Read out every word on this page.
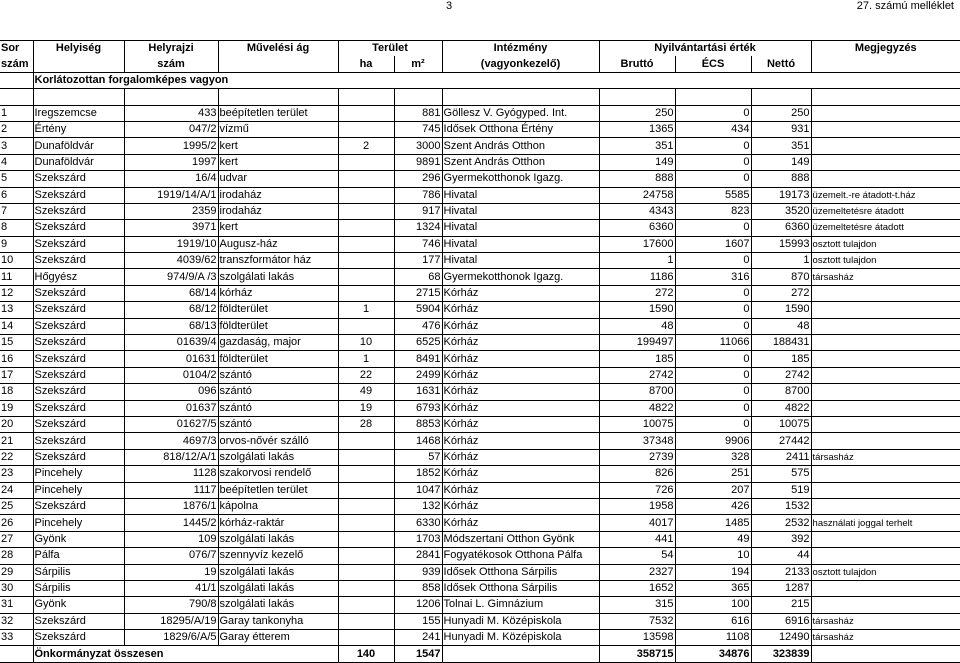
3	27. számú melléklet
Sor	Helyiség	Helyrajzi	Művelési ág	Terület		Intézmény	Nyilvántartási érték			Megjegyzés
szám		szám		ha	m²	(vagyonkezelő)	Bruttó	ÉCS	Nettó	
	Korlátozottan forgalomképes vagyon									

1	Iregszemcse	433	beépítetlen terület		881	Göllesz V. Gyógyped. Int.	250	0	250	
2	Értény	047/2	vízmű		745	Idősek Otthona Értény	1365	434	931	
3	Dunaföldvár	1995/2	kert	2	3000	Szent András Otthon	351	0	351	
4	Dunaföldvár	1997	kert		9891	Szent András Otthon	149	0	149	
5	Szekszárd	16/4	udvar		296	Gyermekotthonok Igazg.	888	0	888	
6	Szekszárd	1919/14/A/1	irodaház		786	Hivatal	24758	5585	19173	üzemelt.-re átadott-t.ház
7	Szekszárd	2359	irodaház		917	Hivatal	4343	823	3520	üzemeltetésre átadott
8	Szekszárd	3971	kert		1324	Hivatal	6360	0	6360	üzemeltetésre átadott
9	Szekszárd	1919/10	Augusz-ház		746	Hivatal	17600	1607	15993	osztott tulajdon
10	Szekszárd	4039/62	transzformátor ház		177	Hivatal	1	0	1	osztott tulajdon
11	Hőgyész	974/9/A /3	szolgálati lakás		68	Gyermekotthonok Igazg.	1186	316	870	társasház
12	Szekszárd	68/14	kórház		2715	Kórház	272	0	272	
13	Szekszárd	68/12	földterület	1	5904	Kórház	1590	0	1590	
14	Szekszárd	68/13	földterület		476	Kórház	48	0	48	
15	Szekszárd	01639/4	gazdaság, major	10	6525	Kórház	199497	11066	188431	
16	Szekszárd	01631	földterület	1	8491	Kórház	185	0	185	
17	Szekszárd	0104/2	szántó	22	2499	Kórház	2742	0	2742	
18	Szekszárd	096	szántó	49	1631	Kórház	8700	0	8700	
19	Szekszárd	01637	szántó	19	6793	Kórház	4822	0	4822	
20	Szekszárd	01627/5	szántó	28	8853	Kórház	10075	0	10075	
21	Szekszárd	4697/3	orvos-nővér szálló		1468	Kórház	37348	9906	27442	
22	Szekszárd	818/12/A/1	szolgálati lakás		57	Kórház	2739	328	2411	társasház
23	Pincehely	1128	szakorvosi rendelő		1852	Kórház	826	251	575	
24	Pincehely	1117	beépítetlen terület		1047	Kórház	726	207	519	
25	Szekszárd	1876/1	kápolna		132	Kórház	1958	426	1532	
26	Pincehely	1445/2	kórház-raktár		6330	Kórház	4017	1485	2532	használati joggal terhelt
27	Gyönk	109	szolgálati lakás		1703	Módszertani Otthon Gyönk	441	49	392	
28	Pálfa	076/7	szennyvíz kezelő		2841	Fogyatékosok Otthona Pálfa	54	10	44	
29	Sárpilis	19	szolgálati lakás		939	Idősek Otthona Sárpilis	2327	194	2133	osztott tulajdon
30	Sárpilis	41/1	szolgálati lakás		858	Idősek Otthona Sárpilis	1652	365	1287	
31	Gyönk	790/8	szolgálati lakás		1206	Tolnai L. Gimnázium	315	100	215	
32	Szekszárd	18295/A/19	Garay tankonyha		155	Hunyadi M. Középiskola	7532	616	6916	társasház
33	Szekszárd	1829/6/A/5	Garay étterem		241	Hunyadi M. Középiskola	13598	1108	12490	társasház
	Önkormányzat összesen			140	1547		358715	34876	323839	
